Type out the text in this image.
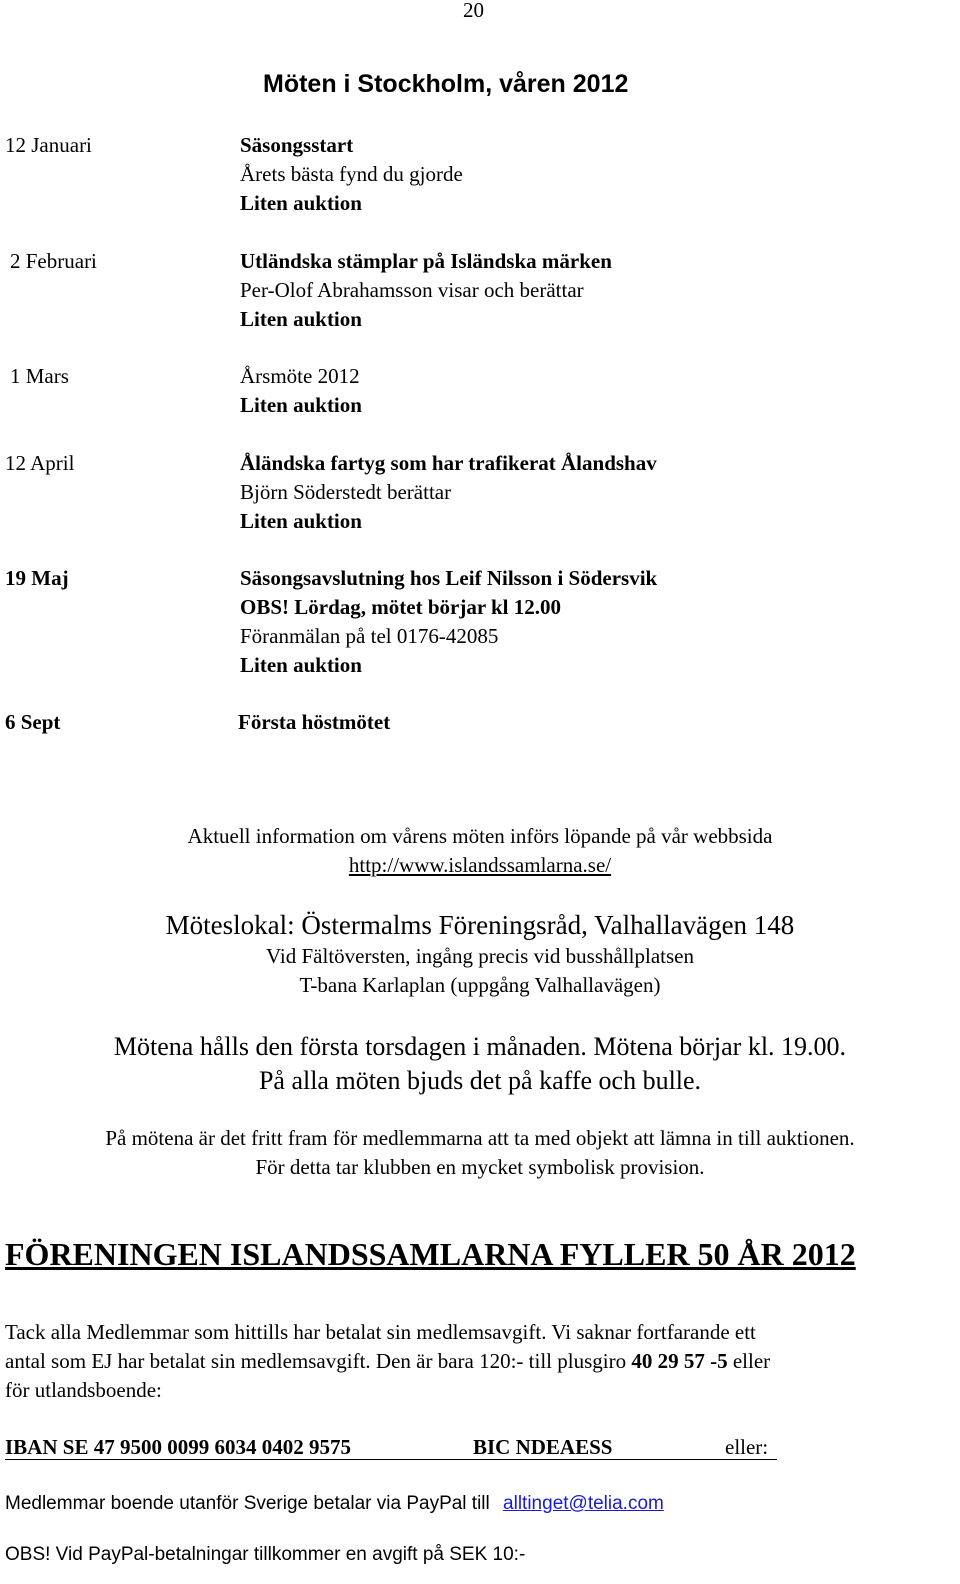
20
Möten i Stockholm, våren 2012
12 Januari	Säsongsstart
Årets bästa fynd du gjorde
Liten auktion
2 Februari	Utländska stämplar på Isländska märken
Per-Olof Abrahamsson visar och berättar
Liten auktion
1 Mars	Årsmöte 2012
Liten auktion
12 April	Åländska fartyg som har trafikerat Ålandshav
Björn Söderstedt berättar
Liten auktion
19 Maj	Säsongsavslutning hos Leif Nilsson i Södersvik
OBS! Lördag, mötet börjar kl 12.00
Föranmälan på tel 0176-42085
Liten auktion
6 Sept	Första höstmötet
Aktuell information om vårens möten införs löpande på vår webbsida
http://www.islandssamlarna.se/
Möteslokal: Östermalms Föreningsråd, Valhallavägen 148
Vid Fältöversten, ingång precis vid busshållplatsen
T-bana Karlaplan (uppgång Valhallavägen)
Mötena hålls den första torsdagen i månaden. Mötena börjar kl. 19.00.
På alla möten bjuds det på kaffe och bulle.
På mötena är det fritt fram för medlemmarna att ta med objekt att lämna in till auktionen.
För detta tar klubben en mycket symbolisk provision.
FÖRENINGEN ISLANDSSAMLARNA FYLLER 50 ÅR 2012
Tack alla Medlemmar som hittills har betalat sin medlemsavgift. Vi saknar fortfarande ett
antal som EJ har betalat sin medlemsavgift. Den är bara 120:- till plusgiro 40 29 57 -5 eller
för utlandsboende:
IBAN SE 47 9500 0099 6034 0402 9575	BIC NDEAESS	eller:
Medlemmar boende utanför Sverige betalar via PayPal till alltinget@telia.com
OBS! Vid PayPal-betalningar tillkommer en avgift på SEK 10:-
